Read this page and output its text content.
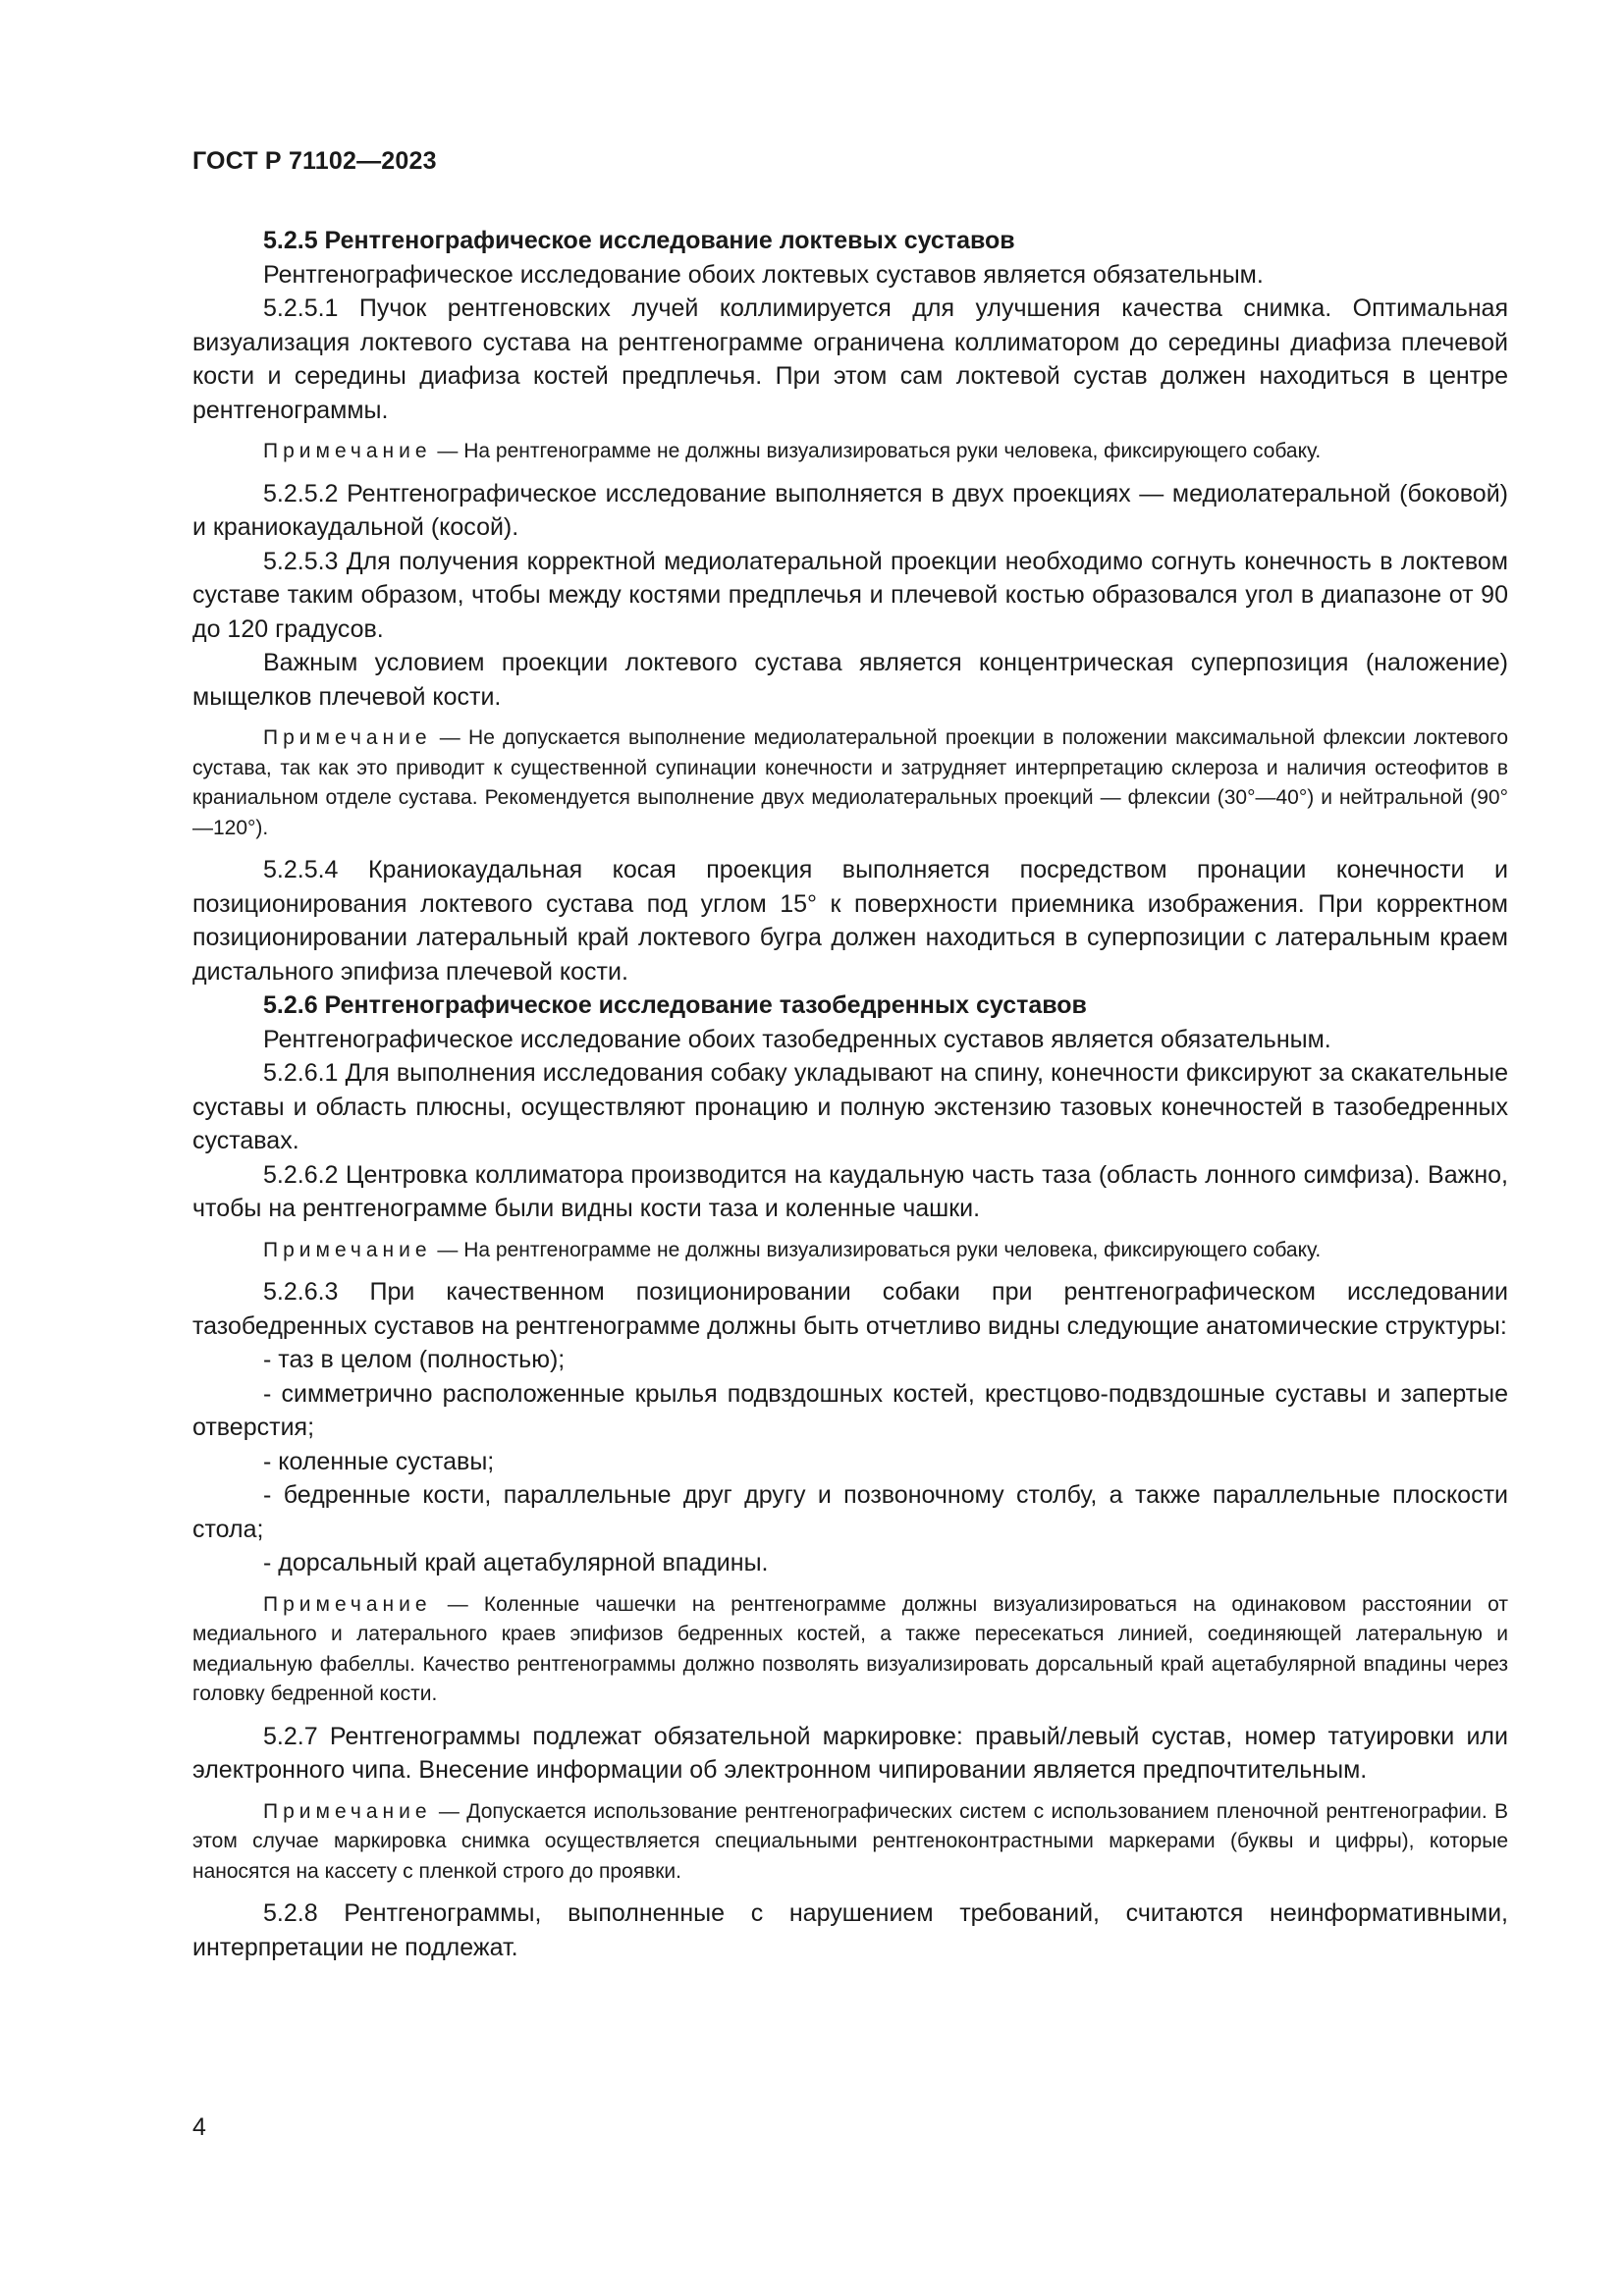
ГОСТ Р 71102—2023

5.2.5 Рентгенографическое исследование локтевых суставов

Рентгенографическое исследование обоих локтевых суставов является обязательным.

5.2.5.1 Пучок рентгеновских лучей коллимируется для улучшения качества снимка. Оптимальная визуализация локтевого сустава на рентгенограмме ограничена коллиматором до середины диафиза плечевой кости и середины диафиза костей предплечья. При этом сам локтевой сустав должен находиться в центре рентгенограммы.

Примечание — На рентгенограмме не должны визуализироваться руки человека, фиксирующего собаку.

5.2.5.2 Рентгенографическое исследование выполняется в двух проекциях — медиолатеральной (боковой) и краниокаудальной (косой).

5.2.5.3 Для получения корректной медиолатеральной проекции необходимо согнуть конечность в локтевом суставе таким образом, чтобы между костями предплечья и плечевой костью образовался угол в диапазоне от 90 до 120 градусов.

Важным условием проекции локтевого сустава является концентрическая суперпозиция (наложение) мыщелков плечевой кости.

Примечание — Не допускается выполнение медиолатеральной проекции в положении максимальной флексии локтевого сустава, так как это приводит к существенной супинации конечности и затрудняет интерпретацию склероза и наличия остеофитов в краниальном отделе сустава. Рекомендуется выполнение двух медиолатеральных проекций — флексии (30°—40°) и нейтральной (90°—120°).

5.2.5.4 Краниокаудальная косая проекция выполняется посредством пронации конечности и позиционирования локтевого сустава под углом 15° к поверхности приемника изображения. При корректном позиционировании латеральный край локтевого бугра должен находиться в суперпозиции с латеральным краем дистального эпифиза плечевой кости.

5.2.6 Рентгенографическое исследование тазобедренных суставов

Рентгенографическое исследование обоих тазобедренных суставов является обязательным.

5.2.6.1 Для выполнения исследования собаку укладывают на спину, конечности фиксируют за скакательные суставы и область плюсны, осуществляют пронацию и полную экстензию тазовых конечностей в тазобедренных суставах.

5.2.6.2 Центровка коллиматора производится на каудальную часть таза (область лонного симфиза). Важно, чтобы на рентгенограмме были видны кости таза и коленные чашки.

Примечание — На рентгенограмме не должны визуализироваться руки человека, фиксирующего собаку.

5.2.6.3 При качественном позиционировании собаки при рентгенографическом исследовании тазобедренных суставов на рентгенограмме должны быть отчетливо видны следующие анатомические структуры:

- таз в целом (полностью);

- симметрично расположенные крылья подвздошных костей, крестцово-подвздошные суставы и запертые отверстия;

- коленные суставы;

- бедренные кости, параллельные друг другу и позвоночному столбу, а также параллельные плоскости стола;

- дорсальный край ацетабулярной впадины.

Примечание — Коленные чашечки на рентгенограмме должны визуализироваться на одинаковом расстоянии от медиального и латерального краев эпифизов бедренных костей, а также пересекаться линией, соединяющей латеральную и медиальную фабеллы. Качество рентгенограммы должно позволять визуализировать дорсальный край ацетабулярной впадины через головку бедренной кости.

5.2.7 Рентгенограммы подлежат обязательной маркировке: правый/левый сустав, номер татуировки или электронного чипа. Внесение информации об электронном чипировании является предпочтительным.

Примечание — Допускается использование рентгенографических систем с использованием пленочной рентгенографии. В этом случае маркировка снимка осуществляется специальными рентгеноконтрастными маркерами (буквы и цифры), которые наносятся на кассету с пленкой строго до проявки.

5.2.8 Рентгенограммы, выполненные с нарушением требований, считаются неинформативными, интерпретации не подлежат.

4
